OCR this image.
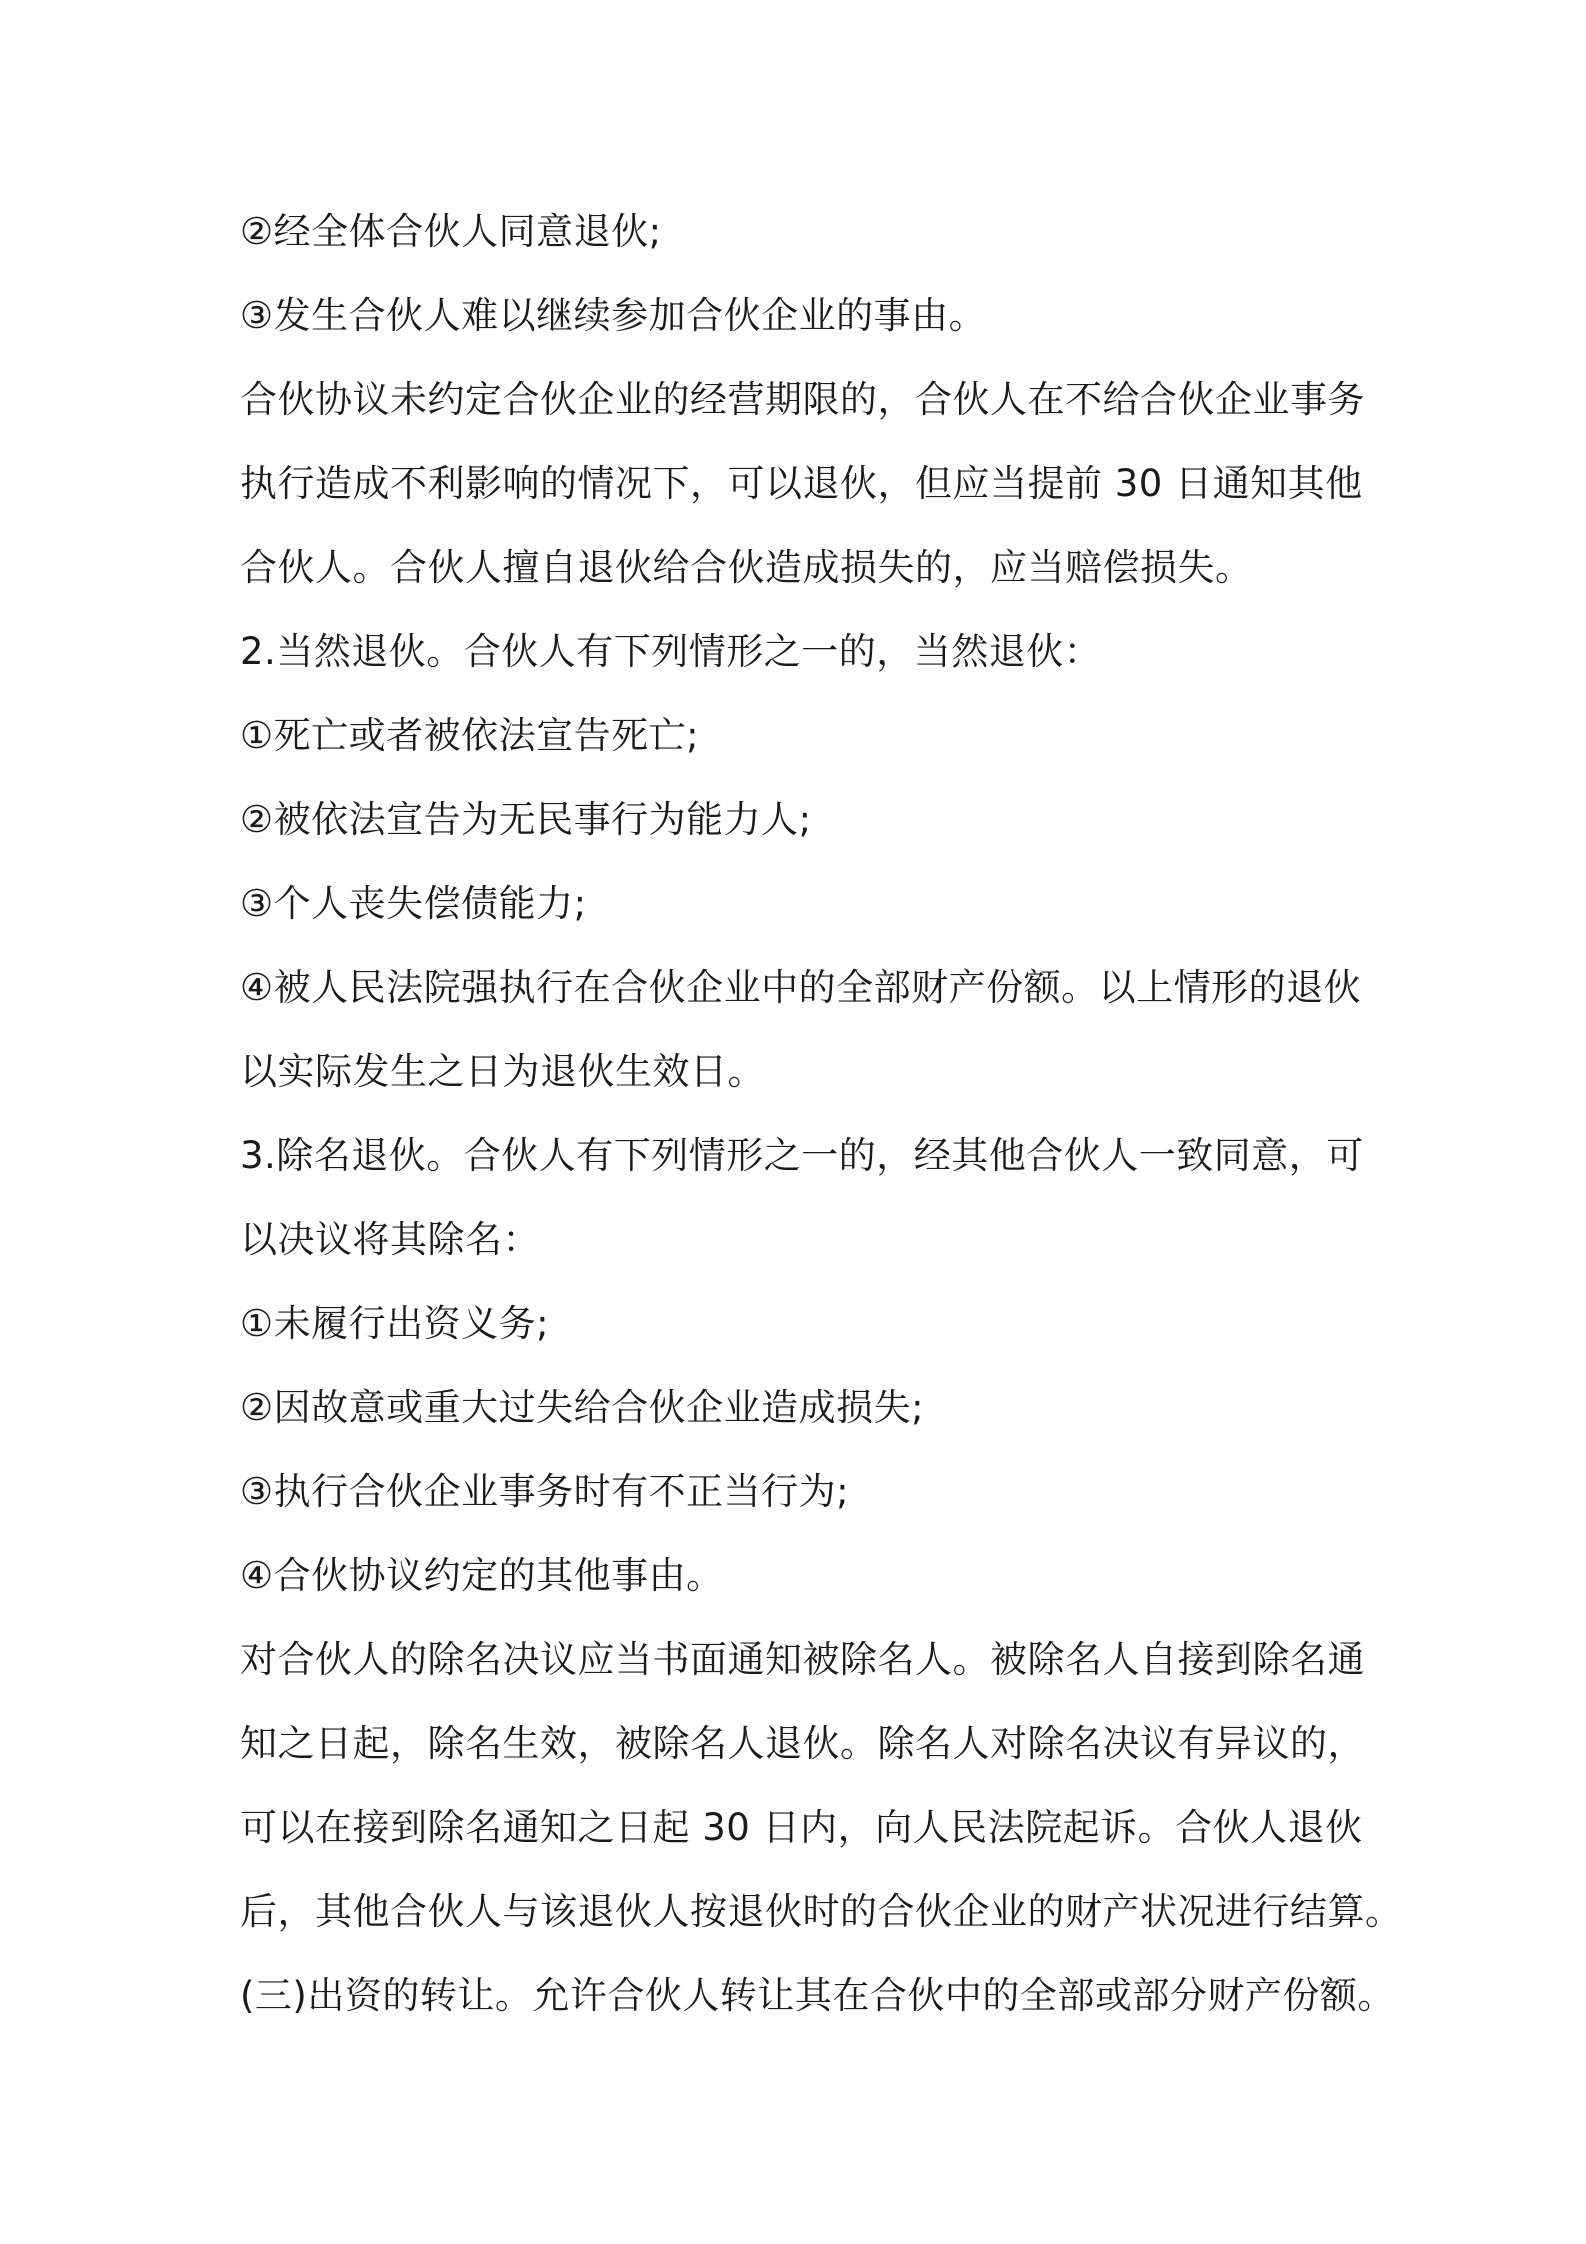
②经全体合伙人同意退伙;
③发生合伙人难以继续参加合伙企业的事由。
合伙协议未约定合伙企业的经营期限的，合伙人在不给合伙企业事务
执行造成不利影响的情况下，可以退伙，但应当提前 30 日通知其他
合伙人。合伙人擅自退伙给合伙造成损失的，应当赔偿损失。
2.当然退伙。合伙人有下列情形之一的，当然退伙：
①死亡或者被依法宣告死亡;
②被依法宣告为无民事行为能力人;
③个人丧失偿债能力;
④被人民法院强执行在合伙企业中的全部财产份额。以上情形的退伙
以实际发生之日为退伙生效日。
3.除名退伙。合伙人有下列情形之一的，经其他合伙人一致同意，可
以决议将其除名：
①未履行出资义务;
②因故意或重大过失给合伙企业造成损失;
③执行合伙企业事务时有不正当行为;
④合伙协议约定的其他事由。
对合伙人的除名决议应当书面通知被除名人。被除名人自接到除名通
知之日起，除名生效，被除名人退伙。除名人对除名决议有异议的，
可以在接到除名通知之日起 30 日内，向人民法院起诉。合伙人退伙
后，其他合伙人与该退伙人按退伙时的合伙企业的财产状况进行结算。
(三)出资的转让。允许合伙人转让其在合伙中的全部或部分财产份额。
